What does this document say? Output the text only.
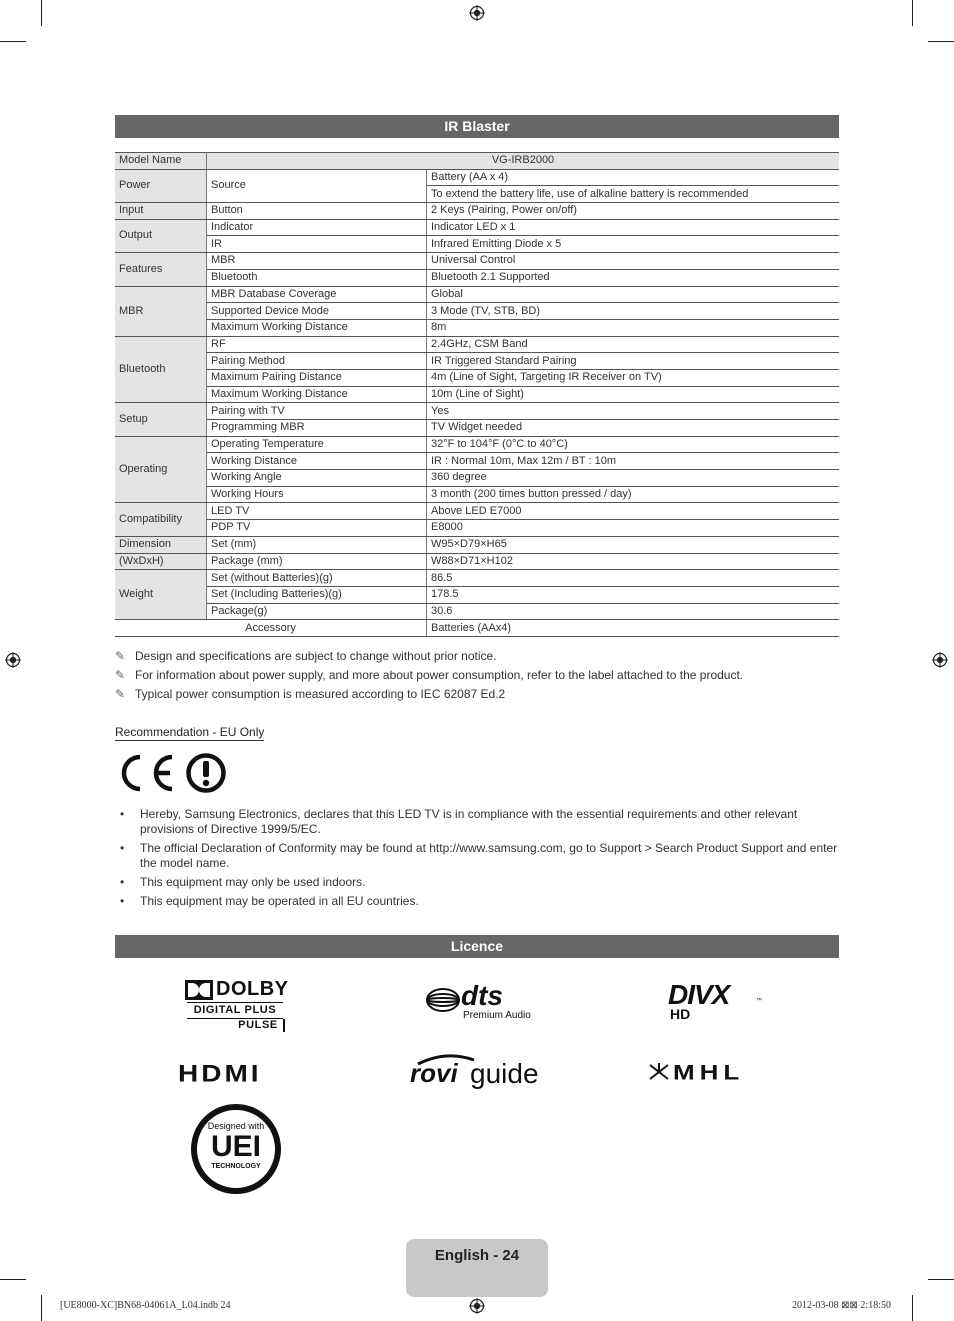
IR Blaster
Model Name	VG-IRB2000	
Power	Source	Battery (AA x 4)
		To extend the battery life, use of alkaline battery is recommended
Input	Button	2 Keys (Pairing, Power on/off)
Output	Indicator	Indicator LED x 1
	IR	Infrared Emitting Diode x 5
Features	MBR	Universal Control
	Bluetooth	Bluetooth 2.1 Supported
MBR	MBR Database Coverage	Global
	Supported Device Mode	3 Mode (TV, STB, BD)
	Maximum Working Distance	8m
Bluetooth	RF	2.4GHz, CSM Band
	Pairing Method	IR Triggered Standard Pairing
	Maximum Pairing Distance	4m (Line of Sight, Targeting IR Receiver on TV)
	Maximum Working Distance	10m (Line of Sight)
Setup	Pairing with TV	Yes
	Programming MBR	TV Widget needed
Operating	Operating Temperature	32°F to 104°F (0°C to 40°C)
	Working Distance	IR : Normal 10m, Max 12m / BT : 10m
	Working Angle	360 degree
	Working Hours	3 month (200 times button pressed / day)
Compatibility	LED TV	Above LED E7000
	PDP TV	E8000
Dimension	Set (mm)	W95×D79×H65
(WxDxH)	Package (mm)	W88×D71×H102
Weight	Set (without Batteries)(g)	86.5
	Set (Including Batteries)(g)	178.5
	Package(g)	30.6
Accessory		Batteries (AAx4)
✎ Design and specifications are subject to change without prior notice.
✎ For information about power supply, and more about power consumption, refer to the label attached to the product.
✎ Typical power consumption is measured according to IEC 62087 Ed.2
Recommendation - EU Only
• Hereby, Samsung Electronics, declares that this LED TV is in compliance with the essential requirements and other relevant provisions of Directive 1999/5/EC.
• The official Declaration of Conformity may be found at http://www.samsung.com, go to Support > Search Product Support and enter the model name.
• This equipment may only be used indoors.
• This equipment may be operated in all EU countries.
Licence
DOLBY
DIGITAL PLUS
PULSE
dts
Premium Audio
DIVX	™
HD
HDMI	rovi guide	MHL
Designed with
UEI
TECHNOLOGY
English - 24
[UE8000-XC]BN68-04061A_L04.indb 24	2012-03-08 ⊠⊠ 2:18:50
